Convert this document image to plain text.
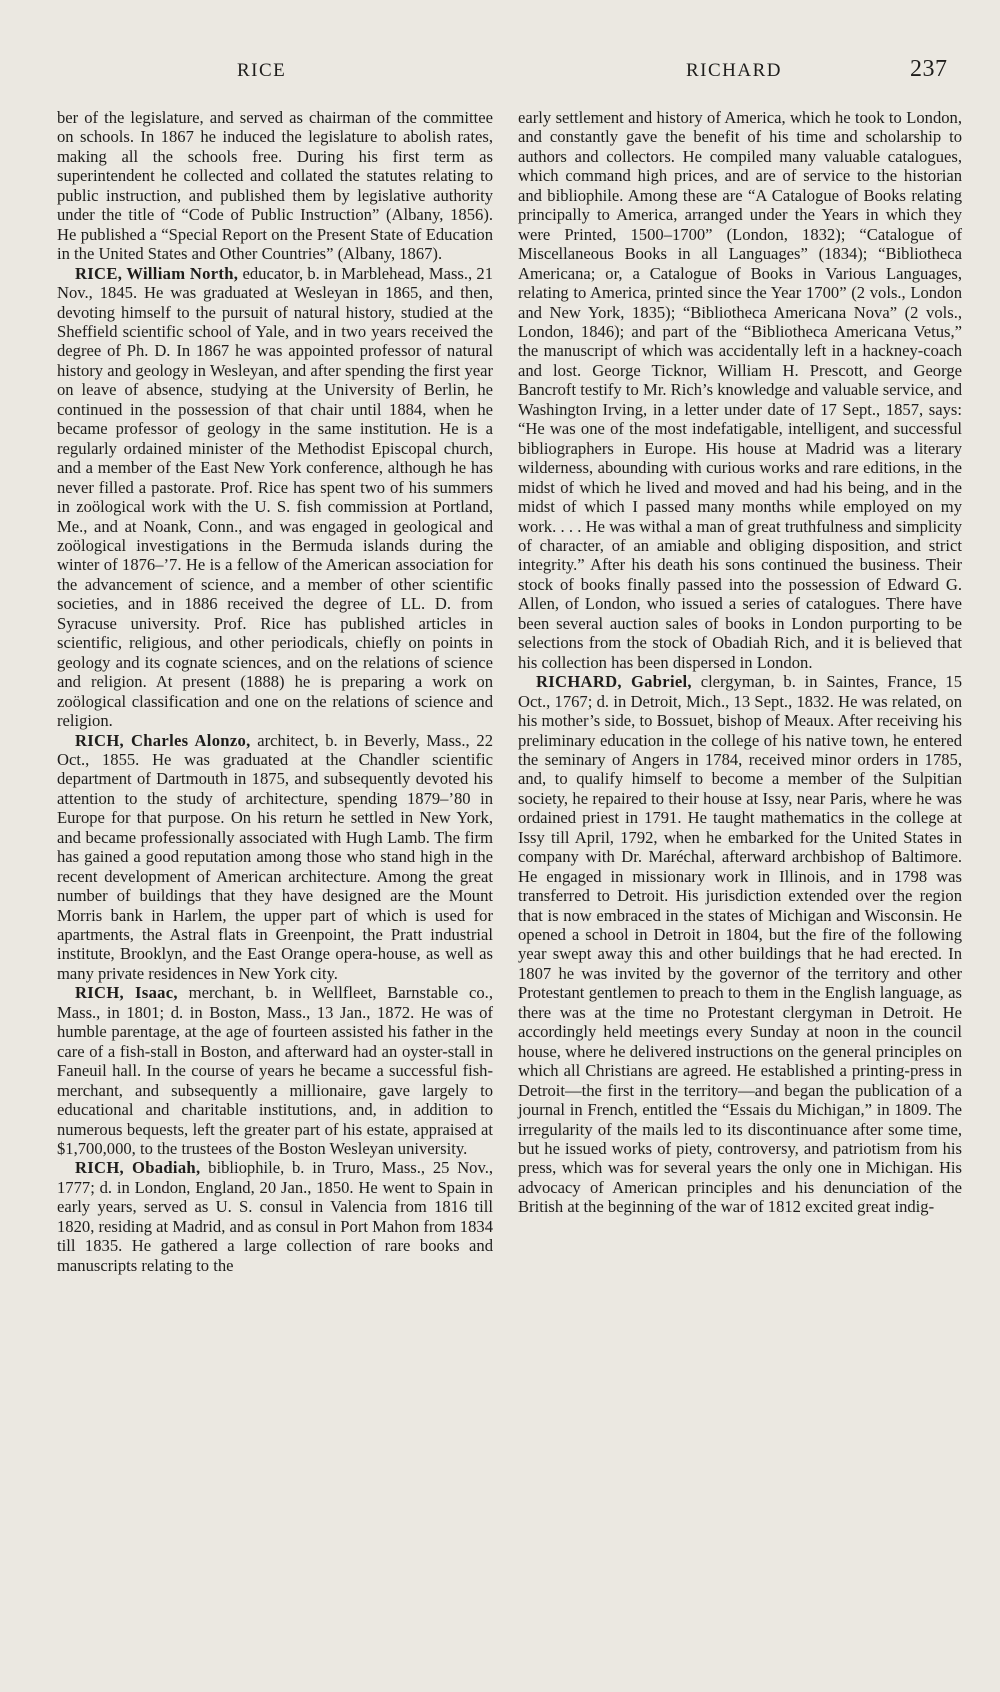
RICE	RICHARD	237

ber of the legislature, and served as chairman of the committee on schools. In 1867 he induced the legislature to abolish rates, making all the schools free. During his first term as superintendent he collected and collated the statutes relating to public instruction, and published them by legislative authority under the title of “Code of Public Instruction” (Albany, 1856). He published a “Special Report on the Present State of Education in the United States and Other Countries” (Albany, 1867).

RICE, William North, educator, b. in Marblehead, Mass., 21 Nov., 1845. He was graduated at Wesleyan in 1865, and then, devoting himself to the pursuit of natural history, studied at the Sheffield scientific school of Yale, and in two years received the degree of Ph. D. In 1867 he was appointed professor of natural history and geology in Wesleyan, and after spending the first year on leave of absence, studying at the University of Berlin, he continued in the possession of that chair until 1884, when he became professor of geology in the same institution. He is a regularly ordained minister of the Methodist Episcopal church, and a member of the East New York conference, although he has never filled a pastorate. Prof. Rice has spent two of his summers in zoölogical work with the U. S. fish commission at Portland, Me., and at Noank, Conn., and was engaged in geological and zoölogical investigations in the Bermuda islands during the winter of 1876–’7. He is a fellow of the American association for the advancement of science, and a member of other scientific societies, and in 1886 received the degree of LL. D. from Syracuse university. Prof. Rice has published articles in scientific, religious, and other periodicals, chiefly on points in geology and its cognate sciences, and on the relations of science and religion. At present (1888) he is preparing a work on zoölogical classification and one on the relations of science and religion.

RICH, Charles Alonzo, architect, b. in Beverly, Mass., 22 Oct., 1855. He was graduated at the Chandler scientific department of Dartmouth in 1875, and subsequently devoted his attention to the study of architecture, spending 1879–’80 in Europe for that purpose. On his return he settled in New York, and became professionally associated with Hugh Lamb. The firm has gained a good reputation among those who stand high in the recent development of American architecture. Among the great number of buildings that they have designed are the Mount Morris bank in Harlem, the upper part of which is used for apartments, the Astral flats in Greenpoint, the Pratt industrial institute, Brooklyn, and the East Orange opera-house, as well as many private residences in New York city.

RICH, Isaac, merchant, b. in Wellfleet, Barnstable co., Mass., in 1801; d. in Boston, Mass., 13 Jan., 1872. He was of humble parentage, at the age of fourteen assisted his father in the care of a fish-stall in Boston, and afterward had an oyster-stall in Faneuil hall. In the course of years he became a successful fish-merchant, and subsequently a millionaire, gave largely to educational and charitable institutions, and, in addition to numerous bequests, left the greater part of his estate, appraised at $1,700,000, to the trustees of the Boston Wesleyan university.

RICH, Obadiah, bibliophile, b. in Truro, Mass., 25 Nov., 1777; d. in London, England, 20 Jan., 1850. He went to Spain in early years, served as U. S. consul in Valencia from 1816 till 1820, residing at Madrid, and as consul in Port Mahon from 1834 till 1835. He gathered a large collection of rare books and manuscripts relating to the

early settlement and history of America, which he took to London, and constantly gave the benefit of his time and scholarship to authors and collectors. He compiled many valuable catalogues, which command high prices, and are of service to the historian and bibliophile. Among these are “A Catalogue of Books relating principally to America, arranged under the Years in which they were Printed, 1500–1700” (London, 1832); “Catalogue of Miscellaneous Books in all Languages” (1834); “Bibliotheca Americana; or, a Catalogue of Books in Various Languages, relating to America, printed since the Year 1700” (2 vols., London and New York, 1835); “Bibliotheca Americana Nova” (2 vols., London, 1846); and part of the “Bibliotheca Americana Vetus,” the manuscript of which was accidentally left in a hackney-coach and lost. George Ticknor, William H. Prescott, and George Bancroft testify to Mr. Rich’s knowledge and valuable service, and Washington Irving, in a letter under date of 17 Sept., 1857, says: “He was one of the most indefatigable, intelligent, and successful bibliographers in Europe. His house at Madrid was a literary wilderness, abounding with curious works and rare editions, in the midst of which he lived and moved and had his being, and in the midst of which I passed many months while employed on my work. . . . He was withal a man of great truthfulness and simplicity of character, of an amiable and obliging disposition, and strict integrity.” After his death his sons continued the business. Their stock of books finally passed into the possession of Edward G. Allen, of London, who issued a series of catalogues. There have been several auction sales of books in London purporting to be selections from the stock of Obadiah Rich, and it is believed that his collection has been dispersed in London.

RICHARD, Gabriel, clergyman, b. in Saintes, France, 15 Oct., 1767; d. in Detroit, Mich., 13 Sept., 1832. He was related, on his mother’s side, to Bossuet, bishop of Meaux. After receiving his preliminary education in the college of his native town, he entered the seminary of Angers in 1784, received minor orders in 1785, and, to qualify himself to become a member of the Sulpitian society, he repaired to their house at Issy, near Paris, where he was ordained priest in 1791. He taught mathematics in the college at Issy till April, 1792, when he embarked for the United States in company with Dr. Maréchal, afterward archbishop of Baltimore. He engaged in missionary work in Illinois, and in 1798 was transferred to Detroit. His jurisdiction extended over the region that is now embraced in the states of Michigan and Wisconsin. He opened a school in Detroit in 1804, but the fire of the following year swept away this and other buildings that he had erected. In 1807 he was invited by the governor of the territory and other Protestant gentlemen to preach to them in the English language, as there was at the time no Protestant clergyman in Detroit. He accordingly held meetings every Sunday at noon in the council house, where he delivered instructions on the general principles on which all Christians are agreed. He established a printing-press in Detroit—the first in the territory—and began the publication of a journal in French, entitled the “Essais du Michigan,” in 1809. The irregularity of the mails led to its discontinuance after some time, but he issued works of piety, controversy, and patriotism from his press, which was for several years the only one in Michigan. His advocacy of American principles and his denunciation of the British at the beginning of the war of 1812 excited great indig-
